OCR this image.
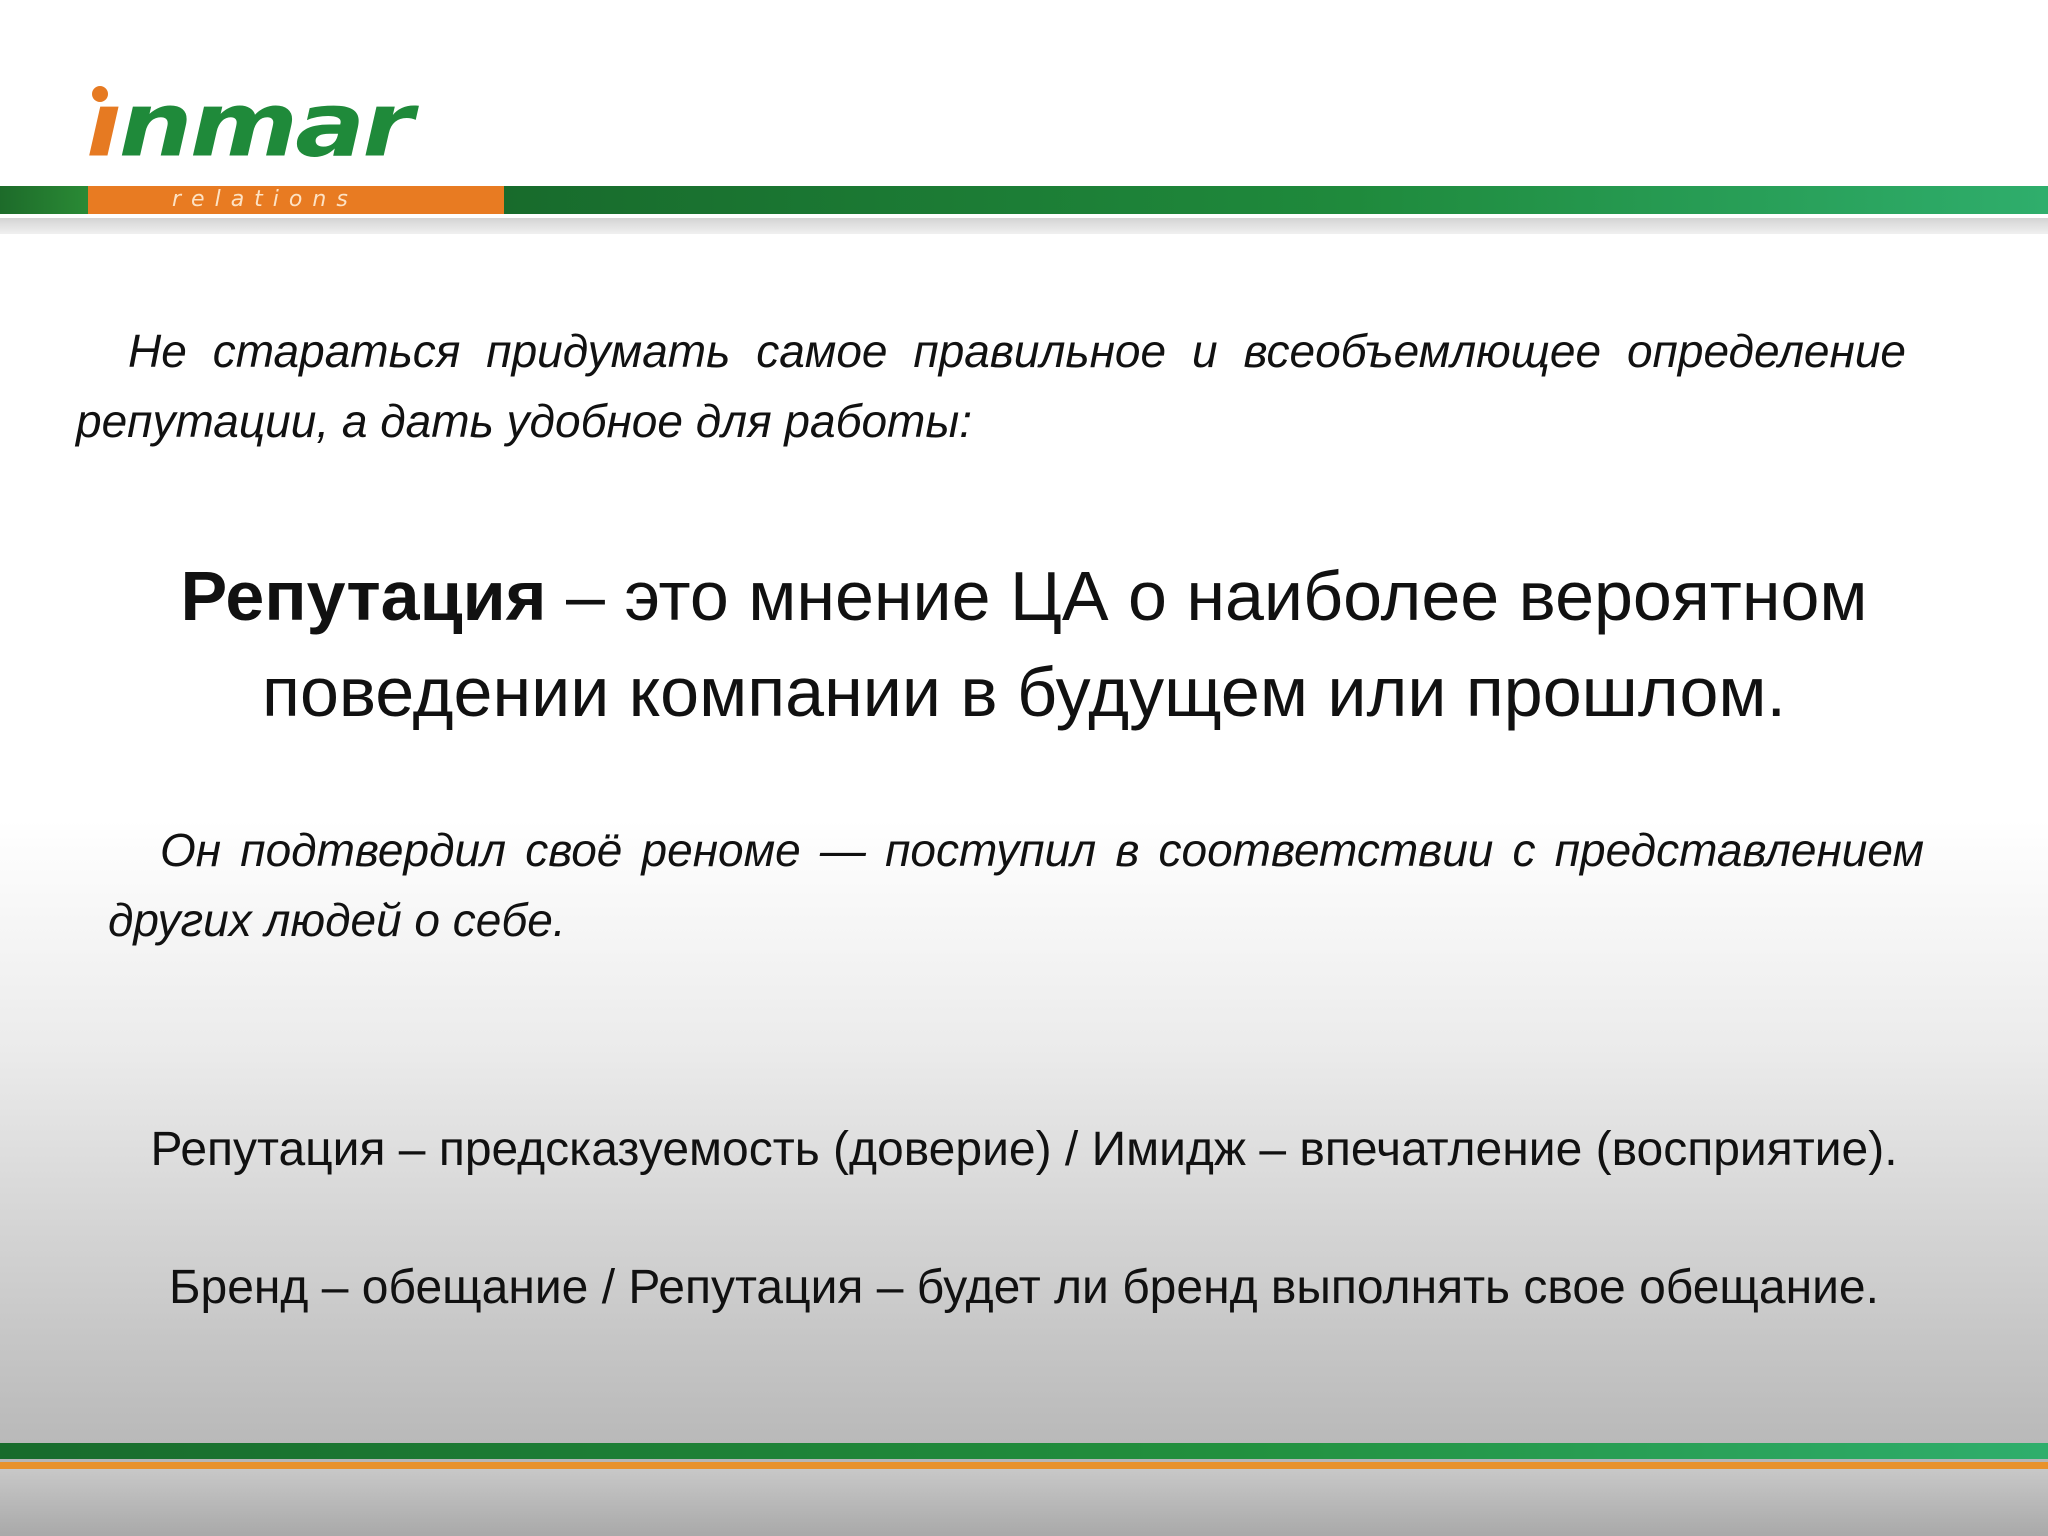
ınmar
relations
Не стараться придумать самое правильное и всеобъемлющее определение репутации, а дать удобное для работы:
Репутация – это мнение ЦА о наиболее вероятном
поведении компании в будущем или прошлом.
Он подтвердил своё реноме — поступил в соответствии с представлением других людей о себе.
Репутация – предсказуемость (доверие) / Имидж – впечатление (восприятие).
Бренд – обещание / Репутация – будет ли бренд выполнять свое обещание.
